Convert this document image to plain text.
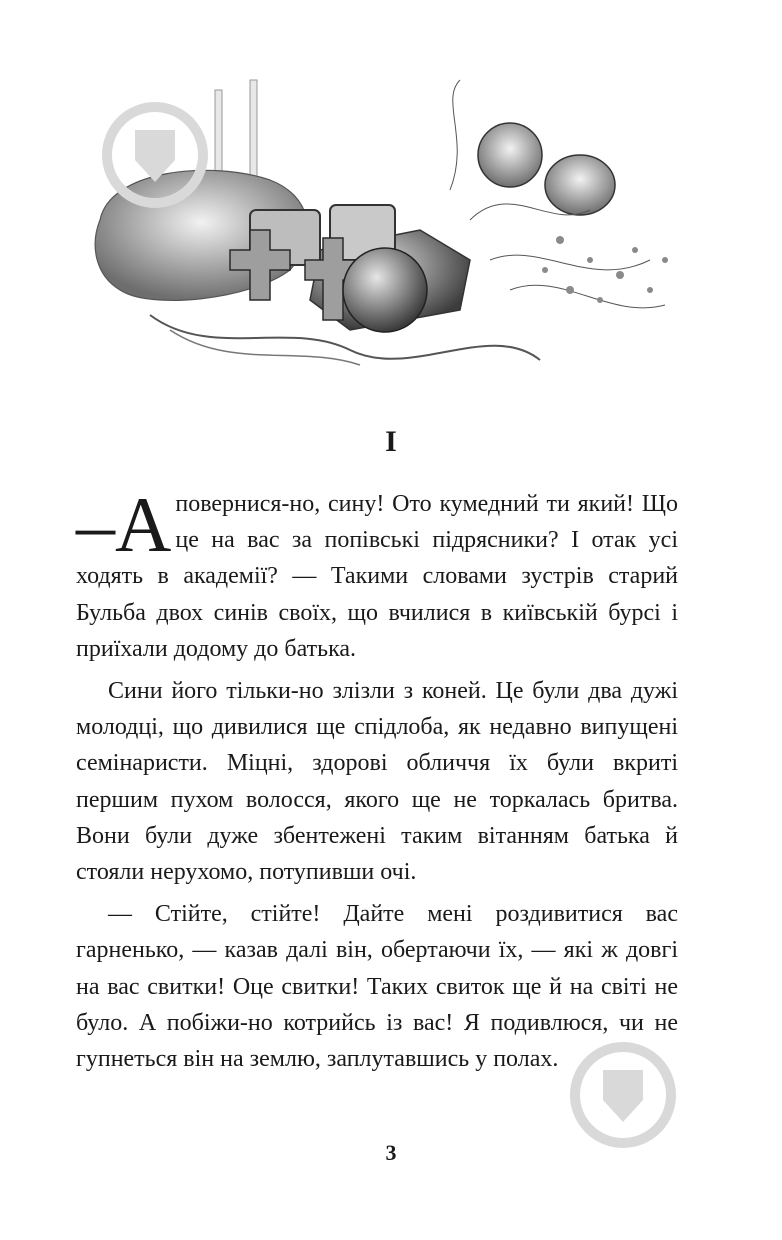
I

–А повернися-но, сину! Ото кумедний ти який! Що це на вас за попівські підрясники? І отак усі ходять в академії? — Такими словами зустрів старий Бульба двох синів своїх, що вчилися в київській бурсі і приїхали додому до батька.

Сини його тільки-но злізли з коней. Це були два дужі молодці, що дивилися ще спідлоба, як недавно випущені семінаристи. Міцні, здорові обличчя їх були вкриті першим пухом волосся, якого ще не торкалась бритва. Вони були дуже збентежені таким вітанням батька й стояли нерухомо, потупивши очі.

— Стійте, стійте! Дайте мені роздивитися вас гарненько, — казав далі він, обертаючи їх, — які ж довгі на вас свитки! Оце свитки! Таких свиток ще й на світі не було. А побіжи-но котрийсь із вас! Я подивлюся, чи не гупнеться він на землю, заплутавшись у полах.

3
